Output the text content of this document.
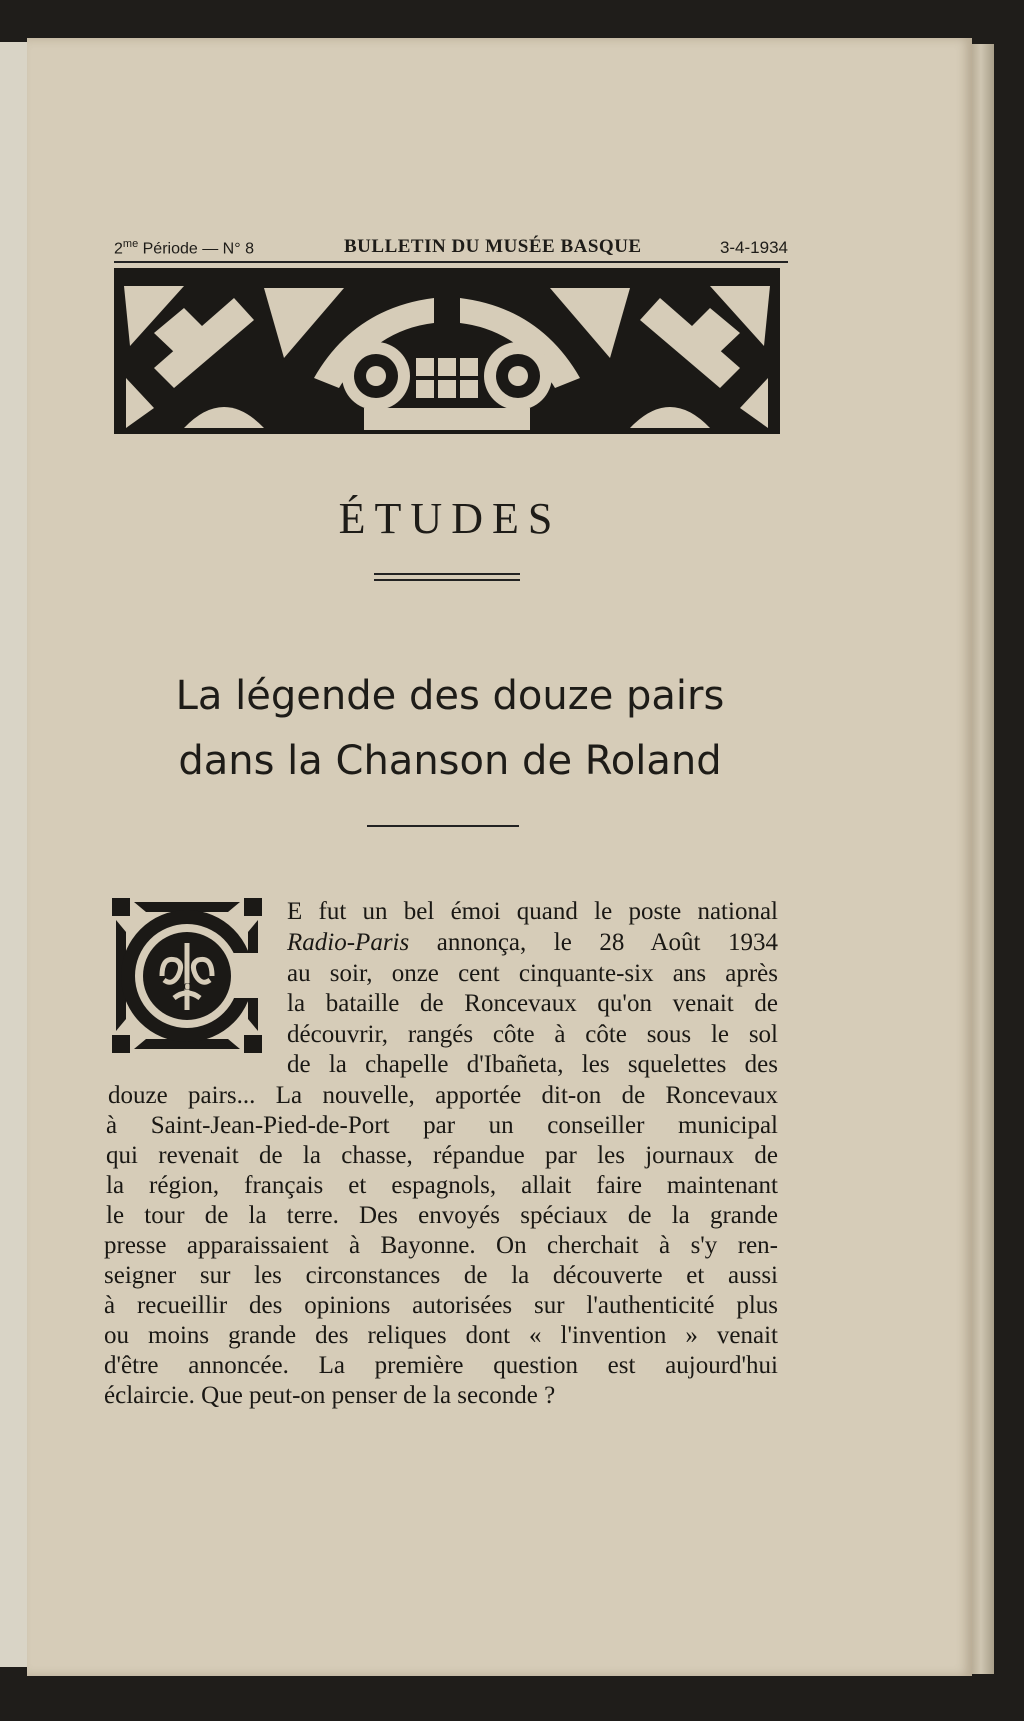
$2^{me}$ Période — N° 8	BULLETIN DU MUSÉE BASQUE	3-4-1934
ÉTUDES
La légende des douze pairs
dans la Chanson de Roland
C
E fut un bel émoi quand le poste national
Radio-Paris annonça, le 28 Août 1934
au soir, onze cent cinquante-six ans après
la bataille de Roncevaux qu'on venait de
découvrir, rangés côte à côte sous le sol
de la chapelle d'Ibañeta, les squelettes des
douze pairs... La nouvelle, apportée dit-on de Roncevaux
à Saint-Jean-Pied-de-Port par un conseiller municipal
qui revenait de la chasse, répandue par les journaux de
la région, français et espagnols, allait faire maintenant
le tour de la terre. Des envoyés spéciaux de la grande
presse apparaissaient à Bayonne. On cherchait à s'y ren-
seigner sur les circonstances de la découverte et aussi
à recueillir des opinions autorisées sur l'authenticité plus
ou moins grande des reliques dont « l'invention » venait
d'être annoncée. La première question est aujourd'hui
éclaircie. Que peut-on penser de la seconde ?
